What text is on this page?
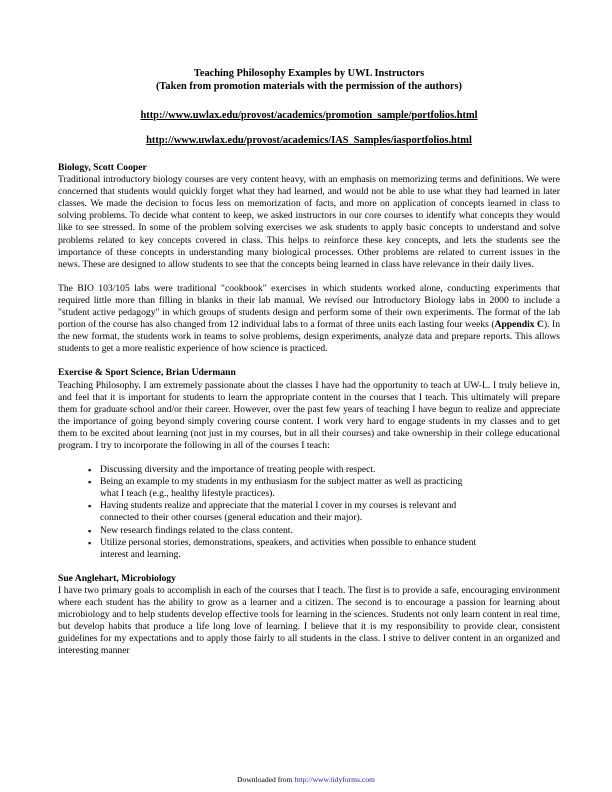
Teaching Philosophy Examples by UWL Instructors
(Taken from promotion materials with the permission of the authors)
http://www.uwlax.edu/provost/academics/promotion_sample/portfolios.html
http://www.uwlax.edu/provost/academics/IAS_Samples/iasportfolios.html
Biology, Scott Cooper

Traditional introductory biology courses are very content heavy, with an emphasis on memorizing terms and definitions. We were concerned that students would quickly forget what they had learned, and would not be able to use what they had learned in later classes. We made the decision to focus less on memorization of facts, and more on application of concepts learned in class to solving problems. To decide what content to keep, we asked instructors in our core courses to identify what concepts they would like to see stressed. In some of the problem solving exercises we ask students to apply basic concepts to understand and solve problems related to key concepts covered in class. This helps to reinforce these key concepts, and lets the students see the importance of these concepts in understanding many biological processes. Other problems are related to current issues in the news. These are designed to allow students to see that the concepts being learned in class have relevance in their daily lives.

The BIO 103/105 labs were traditional "cookbook" exercises in which students worked alone, conducting experiments that required little more than filling in blanks in their lab manual. We revised our Introductory Biology labs in 2000 to include a "student active pedagogy" in which groups of students design and perform some of their own experiments. The format of the lab portion of the course has also changed from 12 individual labs to a format of three units each lasting four weeks (Appendix C). In the new format, the students work in teams to solve problems, design experiments, analyze data and prepare reports. This allows students to get a more realistic experience of how science is practiced.

Exercise & Sport Science, Brian Udermann

Teaching Philosophy. I am extremely passionate about the classes I have had the opportunity to teach at UW-L. I truly believe in, and feel that it is important for students to learn the appropriate content in the courses that I teach. This ultimately will prepare them for graduate school and/or their career. However, over the past few years of teaching I have begun to realize and appreciate the importance of going beyond simply covering course content. I work very hard to engage students in my classes and to get them to be excited about learning (not just in my courses, but in all their courses) and take ownership in their college educational program. I try to incorporate the following in all of the courses I teach:

▪ Discussing diversity and the importance of treating people with respect.
▪ Being an example to my students in my enthusiasm for the subject matter as well as practicing what I teach (e.g., healthy lifestyle practices).
▪ Having students realize and appreciate that the material I cover in my courses is relevant and connected to their other courses (general education and their major).
▪ New research findings related to the class content.
▪ Utilize personal stories, demonstrations, speakers, and activities when possible to enhance student interest and learning.
Sue Anglehart, Microbiology

I have two primary goals to accomplish in each of the courses that I teach. The first is to provide a safe, encouraging environment where each student has the ability to grow as a learner and a citizen. The second is to encourage a passion for learning about microbiology and to help students develop effective tools for learning in the sciences. Students not only learn content in real time, but develop habits that produce a life long love of learning. I believe that it is my responsibility to provide clear, consistent guidelines for my expectations and to apply those fairly to all students in the class. I strive to deliver content in an organized and interesting manner

Downloaded from http://www.tidyforms.com
